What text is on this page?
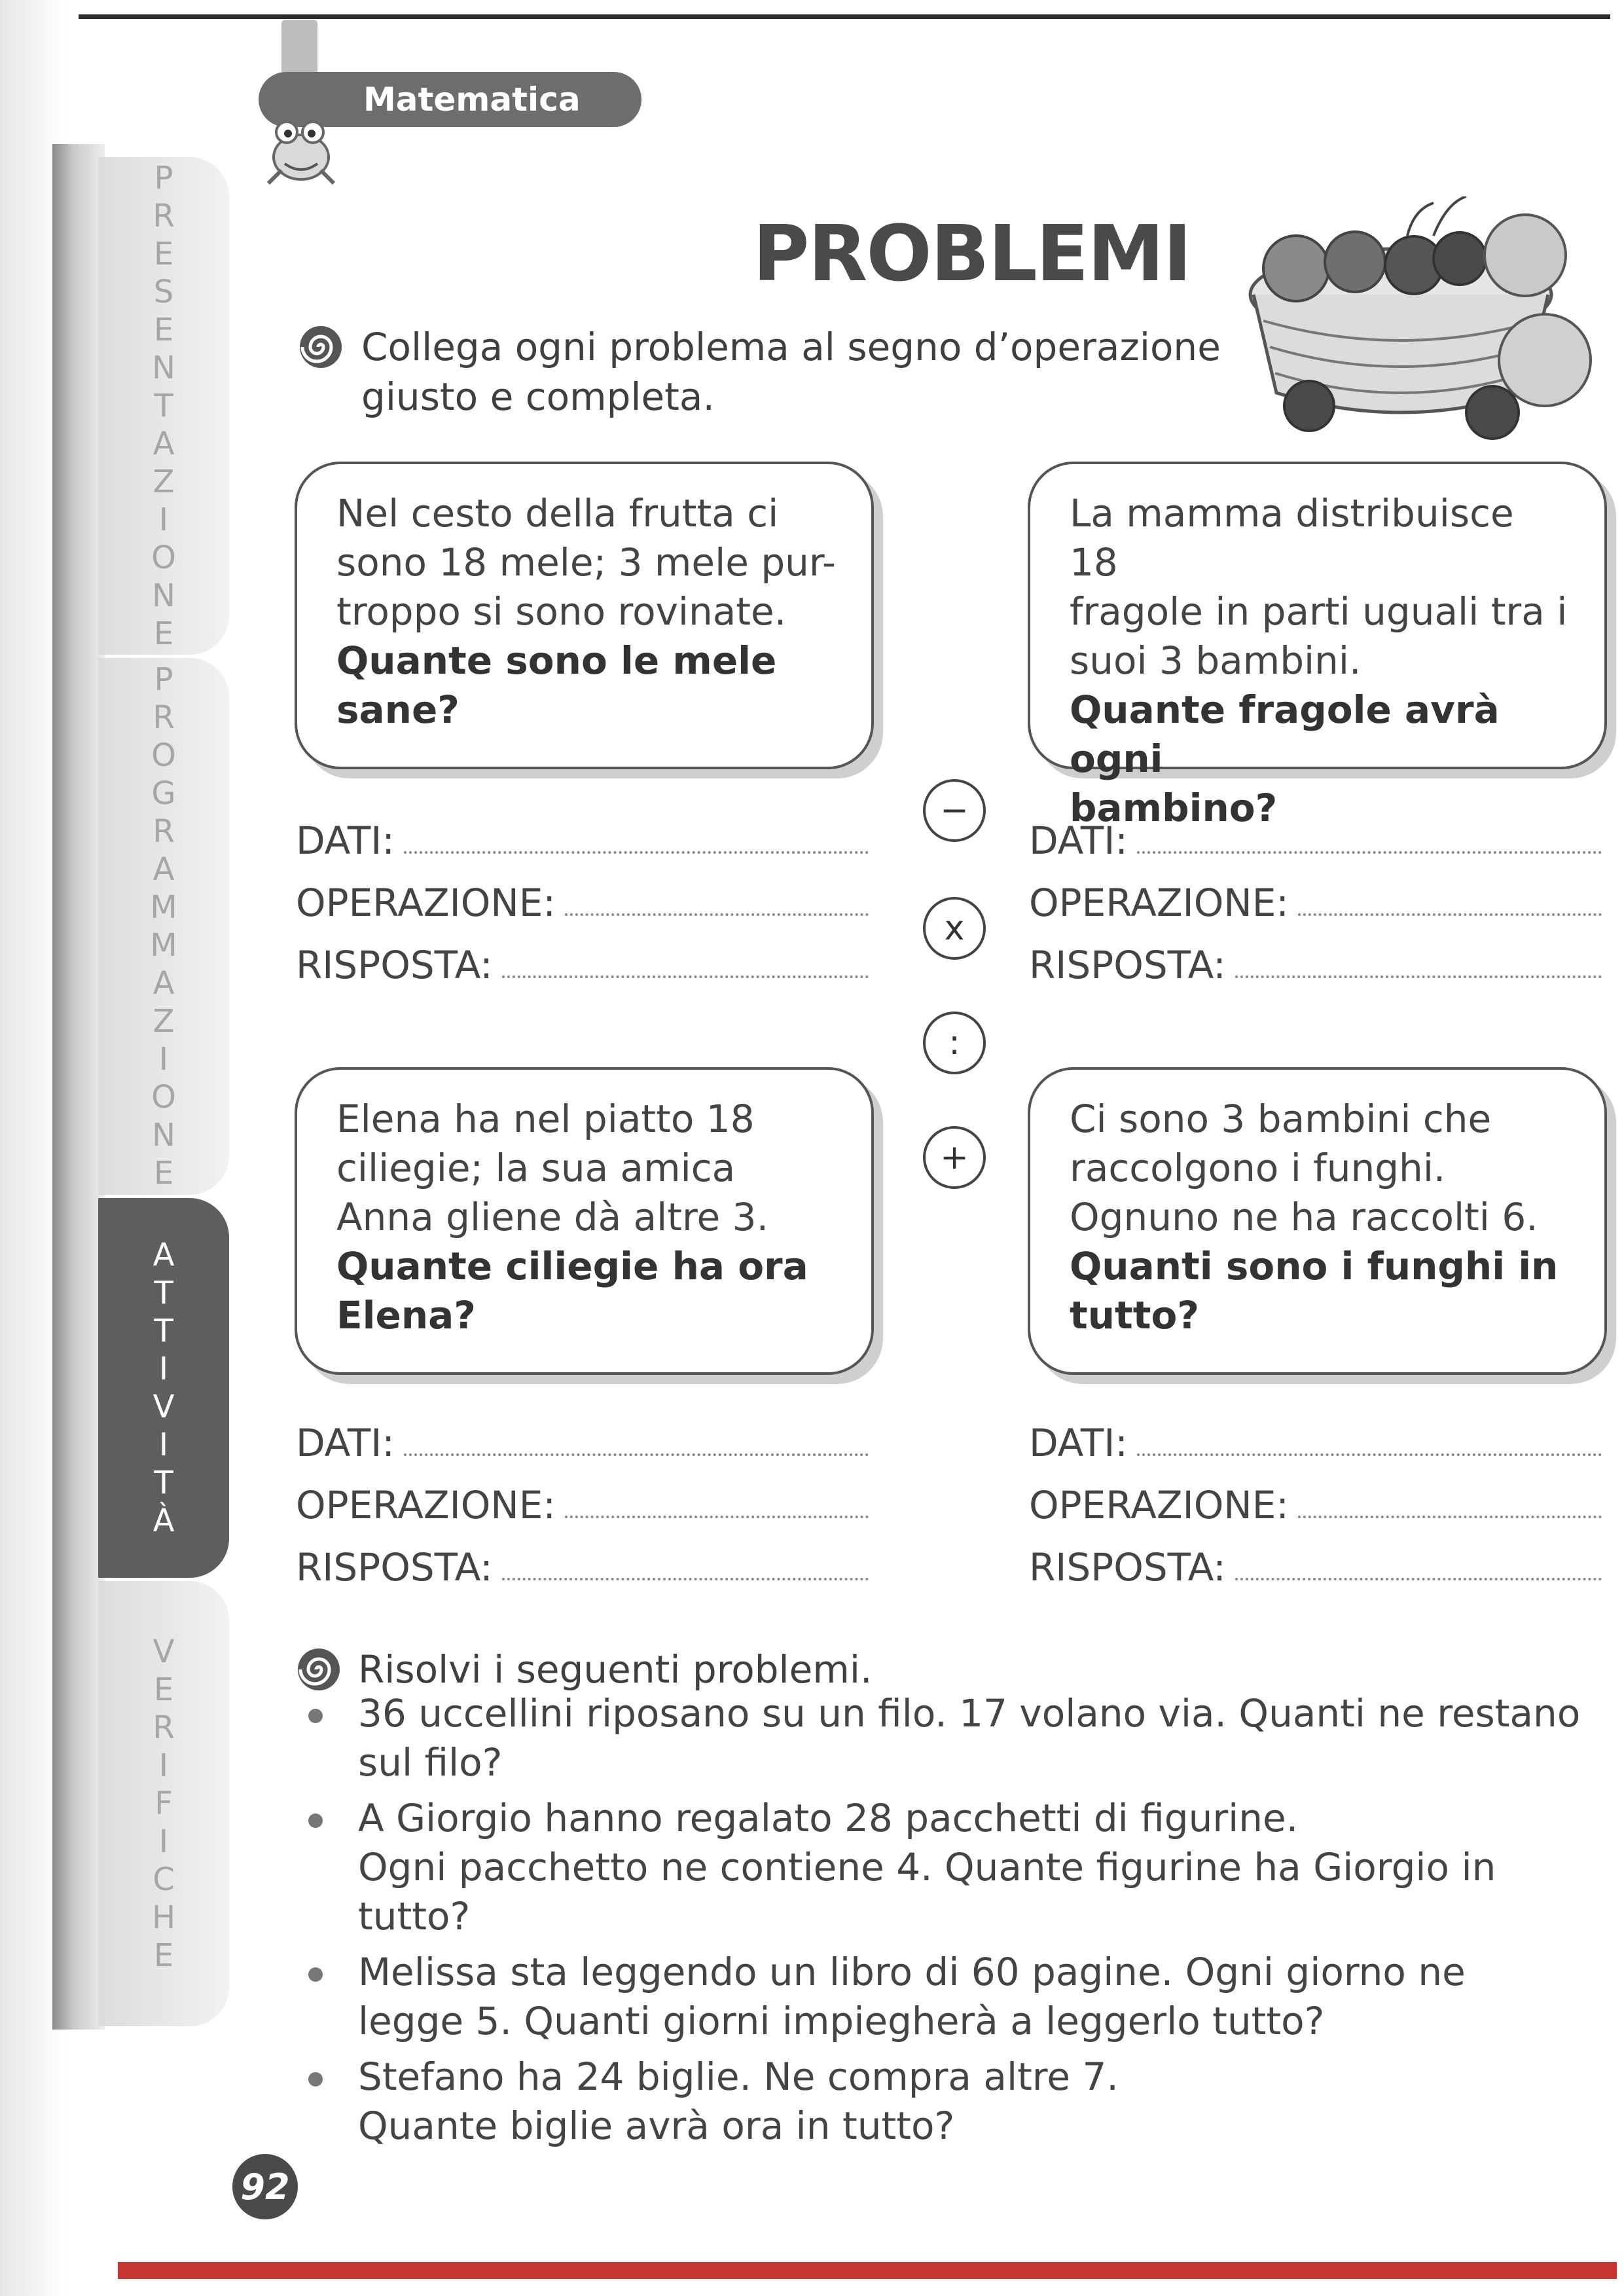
P
R
E
S
E
N
T
A
Z
I
O
N
E
P
R
O
G
R
A
M
M
A
Z
I
O
N
E
A
T
T
I
V
I
T
À
V
E
R
I
F
I
C
H
E
Matematica
PROBLEMI
Collega ogni problema al segno d’operazione
giusto e completa.
Nel cesto della frutta ci
sono 18 mele; 3 mele pur-
troppo si sono rovinate.
Quante sono le mele
sane?
La mamma distribuisce 18
fragole in parti uguali tra i
suoi 3 bambini.
Quante fragole avrà ogni
bambino?
Elena ha nel piatto 18
ciliegie; la sua amica
Anna gliene dà altre 3.
Quante ciliegie ha ora
Elena?
Ci sono 3 bambini che
raccolgono i funghi.
Ognuno ne ha raccolti 6.
Quanti sono i funghi in
tutto?
−
x
:
+
DATI:
OPERAZIONE:
RISPOSTA:
DATI:
OPERAZIONE:
RISPOSTA:
DATI:
OPERAZIONE:
RISPOSTA:
DATI:
OPERAZIONE:
RISPOSTA:
Risolvi i seguenti problemi.
36 uccellini riposano su un filo. 17 volano via. Quanti ne restano
sul filo?
A Giorgio hanno regalato 28 pacchetti di figurine.
Ogni pacchetto ne contiene 4. Quante figurine ha Giorgio in
tutto?
Melissa sta leggendo un libro di 60 pagine. Ogni giorno ne
legge 5. Quanti giorni impiegherà a leggerlo tutto?
Stefano ha 24 biglie. Ne compra altre 7.
Quante biglie avrà ora in tutto?
92
